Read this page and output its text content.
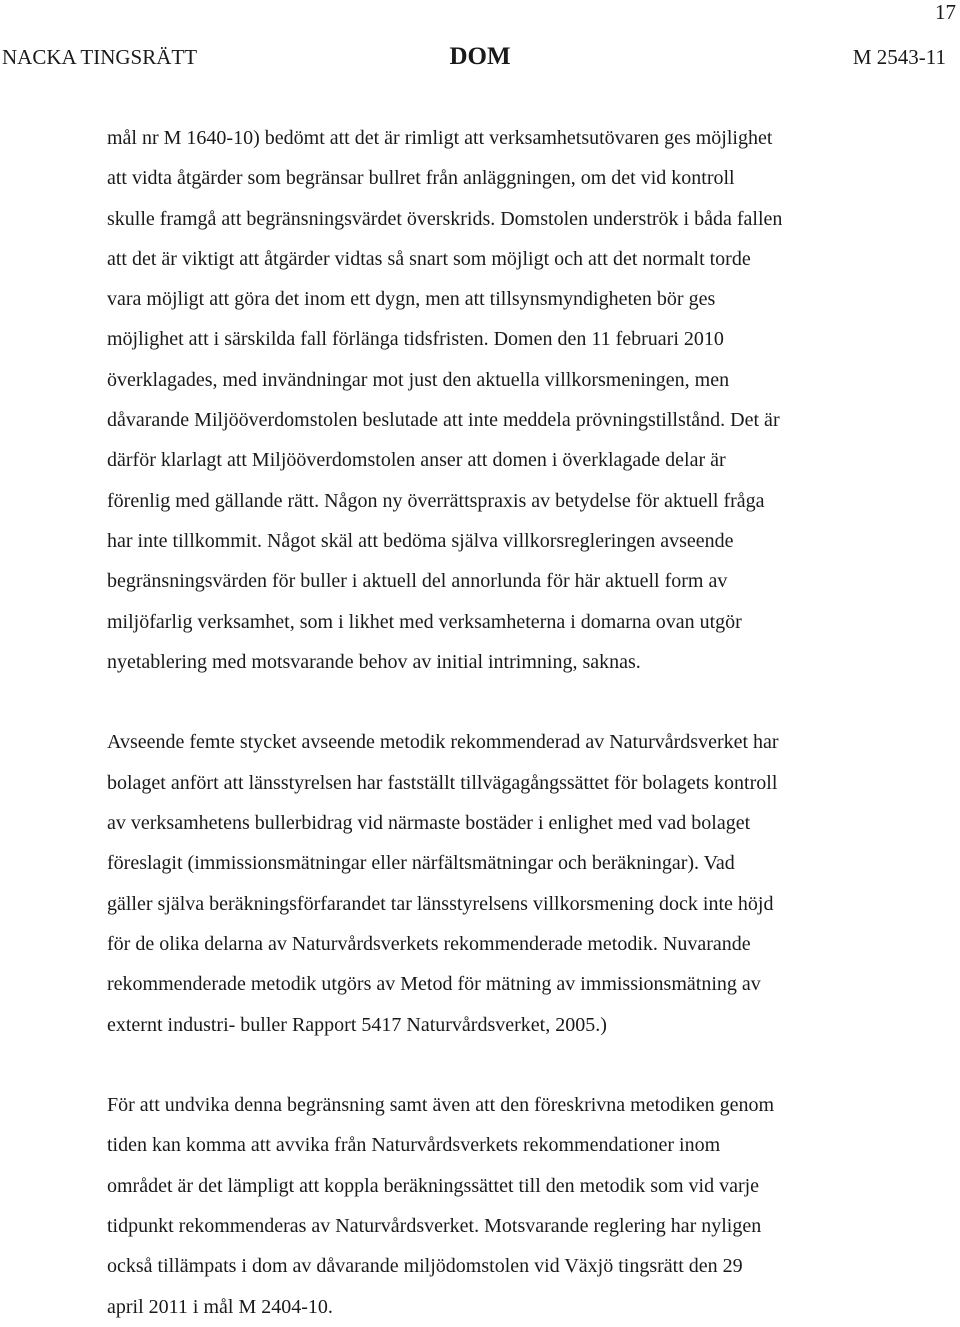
17
NACKA TINGSRÄTT	DOM	M 2543-11

mål nr M 1640-10) bedömt att det är rimligt att verksamhetsutövaren ges möjlighet
att vidta åtgärder som begränsar bullret från anläggningen, om det vid kontroll
skulle framgå att begränsningsvärdet överskrids. Domstolen underströk i båda fallen
att det är viktigt att åtgärder vidtas så snart som möjligt och att det normalt torde
vara möjligt att göra det inom ett dygn, men att tillsynsmyndigheten bör ges
möjlighet att i särskilda fall förlänga tidsfristen. Domen den 11 februari 2010
överklagades, med invändningar mot just den aktuella villkorsmeningen, men
dåvarande Miljööverdomstolen beslutade att inte meddela prövningstillstånd. Det är
därför klarlagt att Miljööverdomstolen anser att domen i överklagade delar är
förenlig med gällande rätt. Någon ny överrättspraxis av betydelse för aktuell fråga
har inte tillkommit. Något skäl att bedöma själva villkorsregleringen avseende
begränsningsvärden för buller i aktuell del annorlunda för här aktuell form av
miljöfarlig verksamhet, som i likhet med verksamheterna i domarna ovan utgör
nyetablering med motsvarande behov av initial intrimning, saknas.

Avseende femte stycket avseende metodik rekommenderad av Naturvårdsverket har
bolaget anfört att länsstyrelsen har fastställt tillvägagångssättet för bolagets kontroll
av verksamhetens bullerbidrag vid närmaste bostäder i enlighet med vad bolaget
föreslagit (immissionsmätningar eller närfältsmätningar och beräkningar). Vad
gäller själva beräkningsförfarandet tar länsstyrelsens villkorsmening dock inte höjd
för de olika delarna av Naturvårdsverkets rekommenderade metodik. Nuvarande
rekommenderade metodik utgörs av Metod för mätning av immissionsmätning av
externt industri- buller Rapport 5417 Naturvårdsverket, 2005.)

För att undvika denna begränsning samt även att den föreskrivna metodiken genom
tiden kan komma att avvika från Naturvårdsverkets rekommendationer inom
området är det lämpligt att koppla beräkningssättet till den metodik som vid varje
tidpunkt rekommenderas av Naturvårdsverket. Motsvarande reglering har nyligen
också tillämpats i dom av dåvarande miljödomstolen vid Växjö tingsrätt den 29
april 2011 i mål M 2404-10.
